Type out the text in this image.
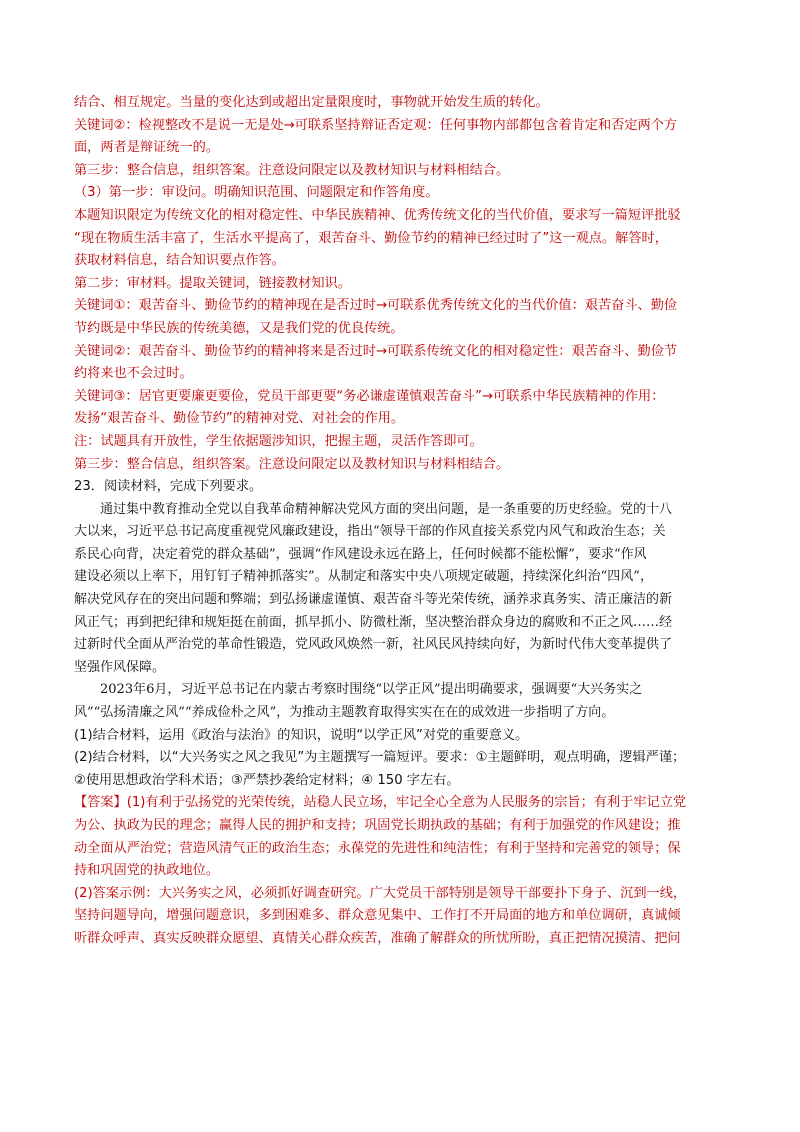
结合、相互规定。当量的变化达到或超出定量限度时，事物就开始发生质的转化。

关键词②：检视整改不是说一无是处→可联系坚持辩证否定观：任何事物内部都包含着肯定和否定两个方

面，两者是辩证统一的。

第三步：整合信息，组织答案。注意设问限定以及教材知识与材料相结合。

（3）第一步：审设问。明确知识范围、问题限定和作答角度。

本题知识限定为传统文化的相对稳定性、中华民族精神、优秀传统文化的当代价值，要求写一篇短评批驳

“现在物质生活丰富了，生活水平提高了，艰苦奋斗、勤俭节约的精神已经过时了”这一观点。解答时，

获取材料信息，结合知识要点作答。

第二步：审材料。提取关键词，链接教材知识。

关键词①：艰苦奋斗、勤俭节约的精神现在是否过时→可联系优秀传统文化的当代价值：艰苦奋斗、勤俭

节约既是中华民族的传统美德，又是我们党的优良传统。

关键词②：艰苦奋斗、勤俭节约的精神将来是否过时→可联系传统文化的相对稳定性：艰苦奋斗、勤俭节

约将来也不会过时。

关键词③：居官更要廉更要俭，党员干部更要“务必谦虚谨慎艰苦奋斗”→可联系中华民族精神的作用：

发扬“艰苦奋斗、勤俭节约”的精神对党、对社会的作用。

注：试题具有开放性，学生依据题涉知识，把握主题，灵活作答即可。

第三步：整合信息，组织答案。注意设问限定以及教材知识与材料相结合。

23．阅读材料，完成下列要求。

通过集中教育推动全党以自我革命精神解决党风方面的突出问题，是一条重要的历史经验。党的十八

大以来，习近平总书记高度重视党风廉政建设，指出“领导干部的作风直接关系党内风气和政治生态；关

系民心向背，决定着党的群众基础”，强调“作风建设永远在路上，任何时候都不能松懈”，要求“作风

建设必须以上率下，用钉钉子精神抓落实”。从制定和落实中央八项规定破题，持续深化纠治“四风”，

解决党风存在的突出问题和弊端；到弘扬谦虚谨慎、艰苦奋斗等光荣传统，涵养求真务实、清正廉洁的新

风正气；再到把纪律和规矩挺在前面，抓早抓小、防微杜渐，坚决整治群众身边的腐败和不正之风……经

过新时代全面从严治党的革命性锻造，党风政风焕然一新，社风民风持续向好，为新时代伟大变革提供了

坚强作风保障。

2023年6月，习近平总书记在内蒙古考察时围绕“以学正风”提出明确要求，强调要“大兴务实之

风”“弘扬清廉之风”“养成俭朴之风”，为推动主题教育取得实实在在的成效进一步指明了方向。

(1)结合材料，运用《政治与法治》的知识，说明“以学正风”对党的重要意义。

(2)结合材料，以“大兴务实之风之我见”为主题撰写一篇短评。要求：①主题鲜明，观点明确，逻辑严谨；

②使用思想政治学科术语；③严禁抄袭给定材料；④ 150 字左右。

【答案】(1)有利于弘扬党的光荣传统，站稳人民立场，牢记全心全意为人民服务的宗旨；有利于牢记立党

为公、执政为民的理念；赢得人民的拥护和支持；巩固党长期执政的基础；有利于加强党的作风建设；推

动全面从严治党；营造风清气正的政治生态；永葆党的先进性和纯洁性；有利于坚持和完善党的领导；保

持和巩固党的执政地位。

(2)答案示例：大兴务实之风，必须抓好调查研究。广大党员干部特别是领导干部要扑下身子、沉到一线，

坚持问题导向，增强问题意识，多到困难多、群众意见集中、工作打不开局面的地方和单位调研，真诚倾

听群众呼声、真实反映群众愿望、真情关心群众疾苦，准确了解群众的所忧所盼，真正把情况摸清、把问
